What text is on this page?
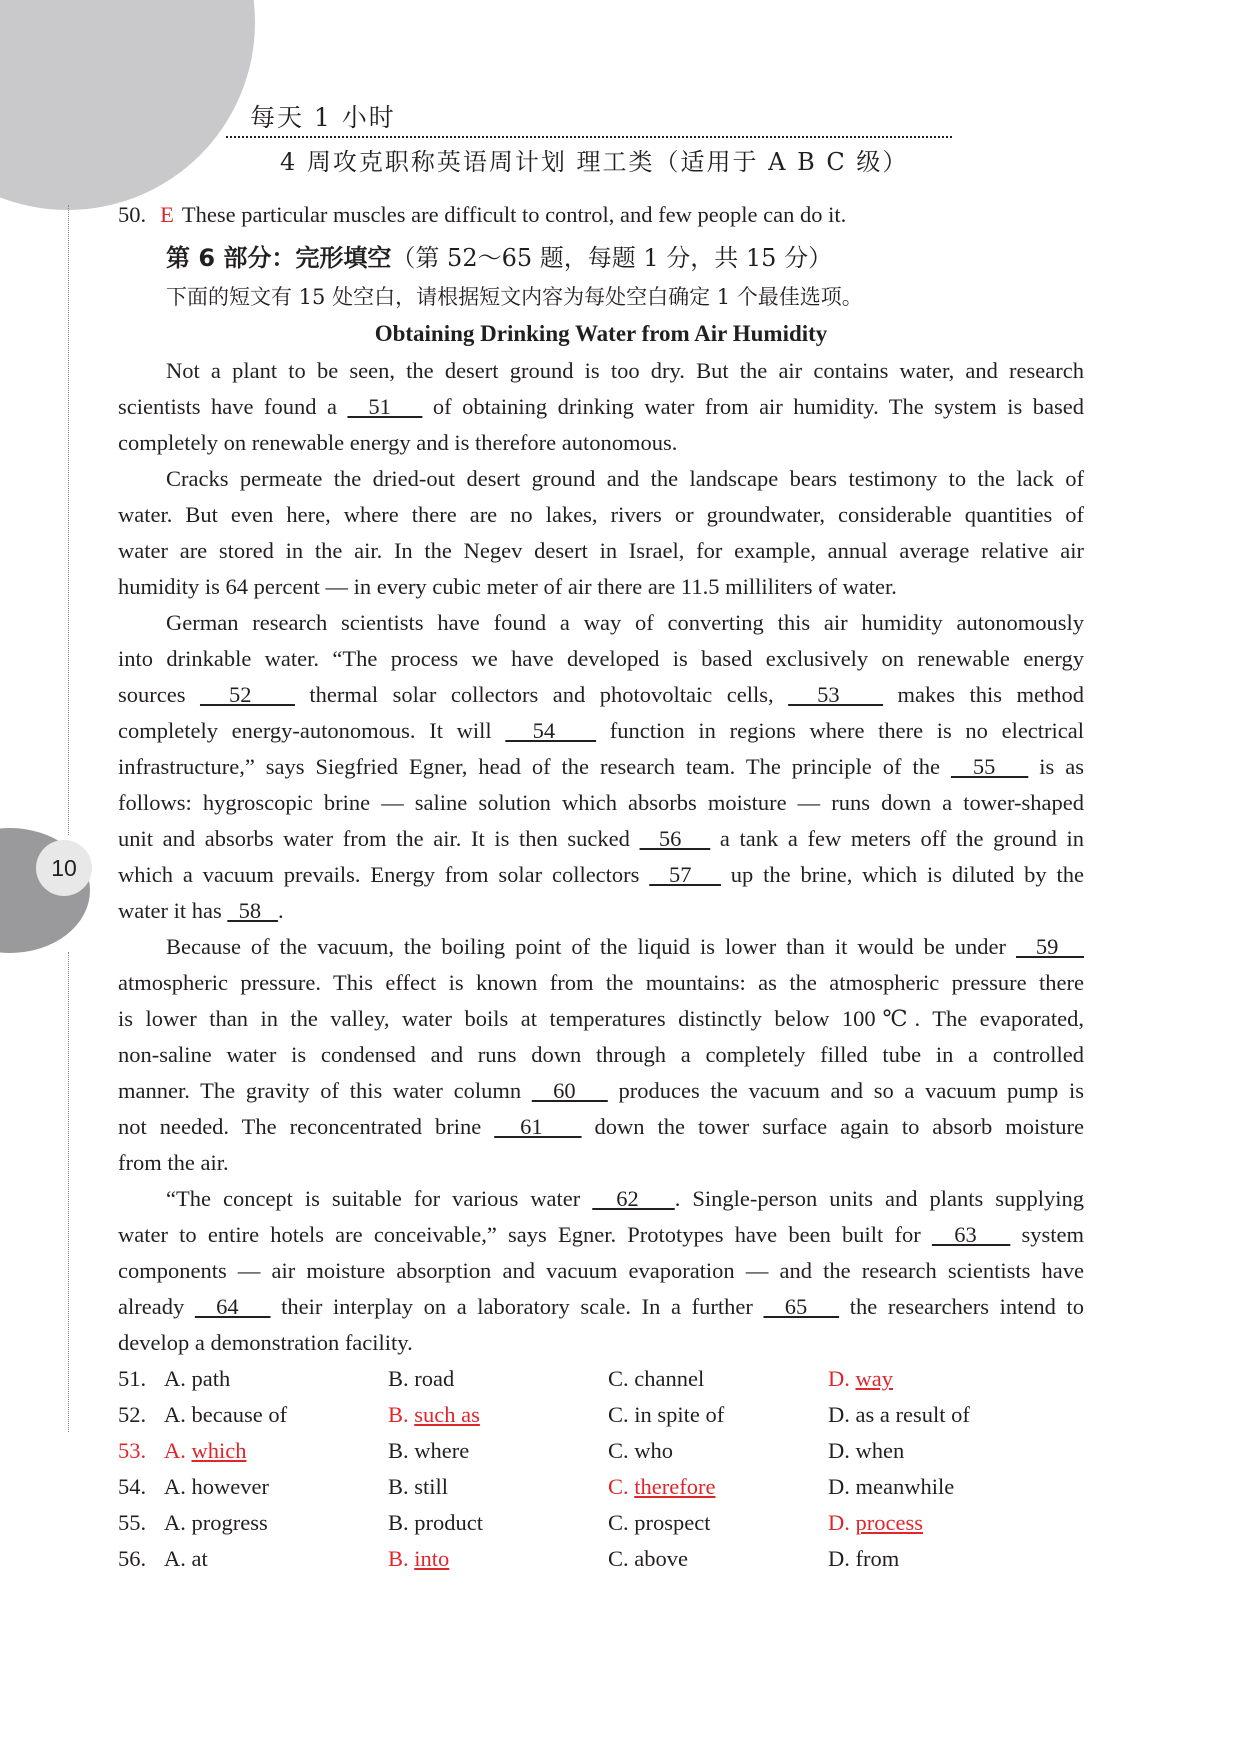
10
每天 1 小时
4 周攻克职称英语周计划 理工类（适用于 A B C 级）
50. E These particular muscles are difficult to control, and few people can do it.
第 6 部分：完形填空（第 52～65 题，每题 1 分，共 15 分）
下面的短文有 15 处空白，请根据短文内容为每处空白确定 1 个最佳选项。
Obtaining Drinking Water from Air Humidity
Not a plant to be seen, the desert ground is too dry. But the air contains water, and research
scientists have found a   51    of obtaining drinking water from air humidity. The system is based
completely on renewable energy and is therefore autonomous.
Cracks permeate the dried-out desert ground and the landscape bears testimony to the lack of
water. But even here, where there are no lakes, rivers or groundwater, considerable quantities of
water are stored in the air. In the Negev desert in Israel, for example, annual average relative air
humidity is 64 percent — in every cubic meter of air there are 11.5 milliliters of water.
German research scientists have found a way of converting this air humidity autonomously
into drinkable water. “The process we have developed is based exclusively on renewable energy
sources   52    thermal solar collectors and photovoltaic cells,   53    makes this method
completely energy-autonomous. It will   54    function in regions where there is no electrical
infrastructure,” says Siegfried Egner, head of the research team. The principle of the   55    is as
follows: hygroscopic brine — saline solution which absorbs moisture — runs down a tower-shaped
unit and absorbs water from the air. It is then sucked   56    a tank a few meters off the ground in
which a vacuum prevails. Energy from solar collectors   57    up the brine, which is diluted by the
water it has   58   .
Because of the vacuum, the boiling point of the liquid is lower than it would be under   59
atmospheric pressure. This effect is known from the mountains: as the atmospheric pressure there
is lower than in the valley, water boils at temperatures distinctly below 100℃. The evaporated,
non-saline water is condensed and runs down through a completely filled tube in a controlled
manner. The gravity of this water column   60    produces the vacuum and so a vacuum pump is
not needed. The reconcentrated brine   61    down the tower surface again to absorb moisture
from the air.
“The concept is suitable for various water   62   . Single-person units and plants supplying
water to entire hotels are conceivable,” says Egner. Prototypes have been built for   63    system
components — air moisture absorption and vacuum evaporation — and the research scientists have
already   64    their interplay on a laboratory scale. In a further   65    the researchers intend to
develop a demonstration facility.
51. A. path	B. road	C. channel	D. way
52. A. because of	B. such as	C. in spite of	D. as a result of
53. A. which	B. where	C. who	D. when
54. A. however	B. still	C. therefore	D. meanwhile
55. A. progress	B. product	C. prospect	D. process
56. A. at	B. into	C. above	D. from
